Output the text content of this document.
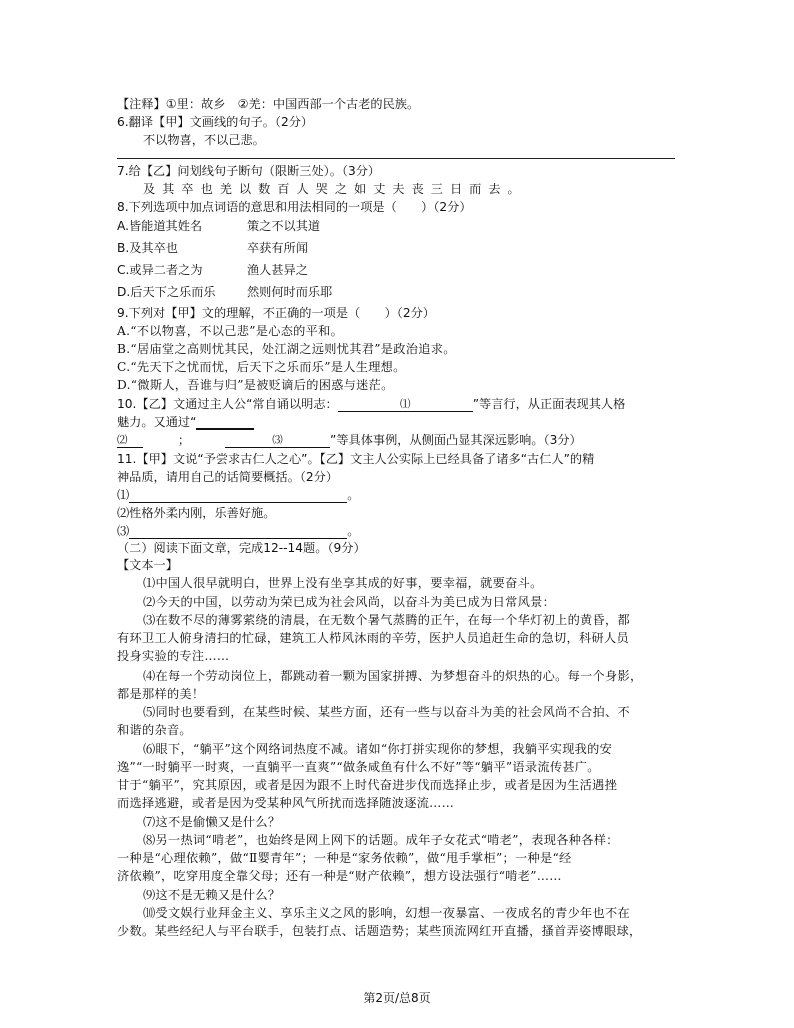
【注释】①里：故乡　②羌：中国西部一个古老的民族。
6.翻译【甲】文画线的句子。（2分）
不以物喜，不以己悲。
7.给【乙】问划线句子断句（限断三处）。（3分）
及其卒也羌以数百人哭之如丈夫丧三日而去。
8.下列选项中加点词语的意思和用法相同的一项是（　　）（2分）
A.皆能道其姓名	策之不以其道
B.及其卒也	卒获有所闻
C.或异二者之为	渔人甚异之
D.后天下之乐而乐	然则何时而乐耶
9.下列对【甲】文的理解，不正确的一项是（　　）（2分）
A.“不以物喜，不以己悲”是心态的平和。
B.“居庙堂之高则忧其民，处江湖之远则忧其君”是政治追求。
C.“先天下之忧而忧，后天下之乐而乐”是人生理想。
D.“微斯人，吾谁与归”是被贬谪后的困惑与迷茫。
10.【乙】文通过主人公“常自诵以明志：	⑴	”等言行，从正面表现其人格
魅力。又通过“
⑵	；	⑶	”等具体事例，从侧面凸显其深远影响。（3分）
11.【甲】文说“予尝求古仁人之心”。【乙】文主人公实际上已经具备了诸多“古仁人”的精
神品质，请用自己的话简要概括。（2分）
⑴	。
⑵性格外柔内刚，乐善好施。
⑶	。
（二）阅读下面文章，完成12--14题。（9分）
【文本一】
⑴中国人很早就明白，世界上没有坐享其成的好事，要幸福，就要奋斗。
⑵今天的中国，以劳动为荣已成为社会风尚，以奋斗为美已成为日常风景：
⑶在数不尽的薄雾萦绕的清晨，在无数个暑气蒸腾的正午，在每一个华灯初上的黄昏，都
有环卫工人俯身清扫的忙碌，建筑工人栉风沐雨的辛劳，医护人员追赶生命的急切，科研人员
投身实验的专注……
⑷在每一个劳动岗位上，都跳动着一颗为国家拼搏、为梦想奋斗的炽热的心。每一个身影，
都是那样的美！
⑸同时也要看到，在某些时候、某些方面，还有一些与以奋斗为美的社会风尚不合拍、不
和谐的杂音。
⑹眼下，“躺平”这个网络词热度不减。诸如“你打拼实现你的梦想，我躺平实现我的安
逸”“一时躺平一时爽，一直躺平一直爽”“做条咸鱼有什么不好”等“躺平”语录流传甚广。
甘于“躺平”，究其原因，或者是因为跟不上时代奋进步伐而选择止步，或者是因为生活遇挫
而选择逃避，或者是因为受某种风气所扰而选择随波逐流……
⑺这不是偷懒又是什么？
⑻另一热词“啃老”，也始终是网上网下的话题。成年子女花式“啃老”，表现各种各样：
一种是“心理依赖”，做“Ⅱ婴青年”；一种是“家务依赖”，做“甩手掌柜”；一种是“经
济依赖”，吃穿用度全靠父母；还有一种是“财产依赖”，想方设法强行“啃老”……
⑼这不是无赖又是什么？
⑽受文娱行业拜金主义、享乐主义之风的影响，幻想一夜暴富、一夜成名的青少年也不在
少数。某些经纪人与平台联手，包装打点、话题造势；某些顶流网红开直播，搔首弄姿博眼球，
第2页/总8页
